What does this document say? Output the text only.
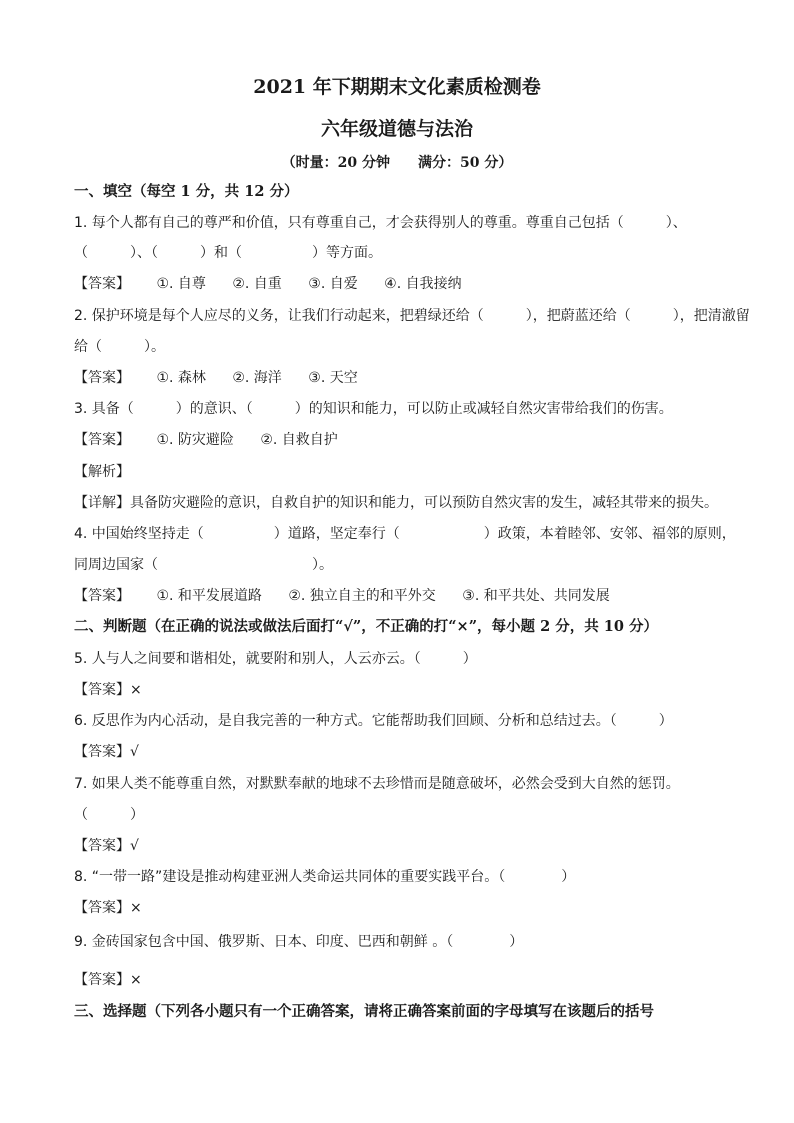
2021 年下期期末文化素质检测卷
六年级道德与法治
（时量：20 分钟　　满分：50 分）
一、填空（每空 1 分，共 12 分）
1. 每个人都有自己的尊严和价值，只有尊重自己，才会获得别人的尊重。尊重自己包括（　　　）、
（　　　）、（　　　）和（　　　　　）等方面。
【答案】 ①. 自尊 ②. 自重 ③. 自爱 ④. 自我接纳
2. 保护环境是每个人应尽的义务，让我们行动起来，把碧绿还给（　　　），把蔚蓝还给（　　　），把清澈留
给（　　　）。
【答案】 ①. 森林 ②. 海洋 ③. 天空
3. 具备（　　　）的意识、（　　　）的知识和能力，可以防止或减轻自然灾害带给我们的伤害。
【答案】 ①. 防灾避险 ②. 自救自护
【解析】
【详解】具备防灾避险的意识，自救自护的知识和能力，可以预防自然灾害的发生，减轻其带来的损失。
4. 中国始终坚持走（　　　　　）道路，坚定奉行（　　　　　　）政策，本着睦邻、安邻、福邻的原则，
同周边国家（　　　　　　　　　　　）。
【答案】 ①. 和平发展道路 ②. 独立自主的和平外交 ③. 和平共处、共同发展
二、判断题（在正确的说法或做法后面打“√”，不正确的打“×”，每小题 2 分，共 10 分）
5. 人与人之间要和谐相处，就要附和别人，人云亦云。（　　　）
【答案】×
6. 反思作为内心活动，是自我完善的一种方式。它能帮助我们回顾、分析和总结过去。（　　　）
【答案】√
7. 如果人类不能尊重自然，对默默奉献的地球不去珍惜而是随意破坏，必然会受到大自然的惩罚。
（　　　）
【答案】√
8. “一带一路”建设是推动构建亚洲人类命运共同体的重要实践平台。（　　　　）
【答案】×
9. 金砖国家包含中国、俄罗斯、日本、印度、巴西和朝鲜 。（　　　　）
【答案】×
三、选择题（下列各小题只有一个正确答案，请将正确答案前面的字母填写在该题后的括号
